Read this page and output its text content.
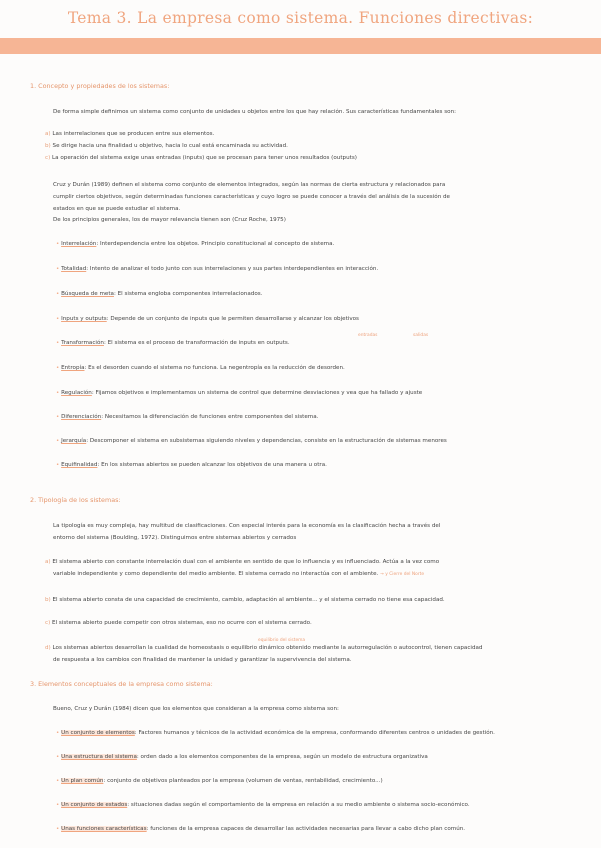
Tema 3. La empresa como sistema. Funciones directivas:
1. Concepto y propiedades de los sistemas:
De forma simple definimos un sistema como conjunto de unidades u objetos entre los que hay relación. Sus características fundamentales son:
a) Las interrelaciones que se producen entre sus elementos.
b) Se dirige hacia una finalidad u objetivo, hacia lo cual está encaminada su actividad.
c) La operación del sistema exige unas entradas (inputs) que se procesan para tener unos resultados (outputs)
Cruz y Durán (1989) definen el sistema como conjunto de elementos integrados, según las normas de cierta estructura y relacionados para
cumplir ciertos objetivos, según determinadas funciones características y cuyo logro se puede conocer a través del análisis de la sucesión de
estados en que se puede estudiar el sistema.
De los principios generales, los de mayor relevancia tienen son (Cruz Roche, 1975)
• Interrelación: Interdependencia entre los objetos. Principio constitucional al concepto de sistema.
• Totalidad: Intento de analizar el todo junto con sus interrelaciones y sus partes interdependientes en interacción.
• Búsqueda de meta: El sistema engloba componentes interrelacionados.
• Inputs y outputs: Depende de un conjunto de inputs que le permiten desarrollarse y alcanzar los objetivos
entradas	salidas
• Transformación: El sistema es el proceso de transformación de inputs en outputs.
• Entropía: Es el desorden cuando el sistema no funciona. La negentropía es la reducción de desorden.
• Regulación: Fijamos objetivos e implementamos un sistema de control que determine desviaciones y vea que ha fallado y ajuste
• Diferenciación: Necesitamos la diferenciación de funciones entre componentes del sistema.
• Jerarquía: Descomponer el sistema en subsistemas siguiendo niveles y dependencias, consiste en la estructuración de sistemas menores
• Equifinalidad: En los sistemas abiertos se pueden alcanzar los objetivos de una manera u otra.
2. Tipología de los sistemas:
La tipología es muy compleja, hay multitud de clasificaciones. Con especial interés para la economía es la clasificación hecha a través del
entorno del sistema (Boulding, 1972). Distinguimos entre sistemas abiertos y cerrados
a) El sistema abierto con constante interrelación dual con el ambiente en sentido de que lo influencia y es influenciado. Actúa a la vez como
variable independiente y como dependiente del medio ambiente. El sistema cerrado no interactúa con el ambiente. → y Cierre del Norte
b) El sistema abierto consta de una capacidad de crecimiento, cambio, adaptación al ambiente... y el sistema cerrado no tiene esa capacidad.
c) El sistema abierto puede competir con otros sistemas, eso no ocurre con el sistema cerrado.
equilibrio del sistema
d) Los sistemas abiertos desarrollan la cualidad de homeostasis o equilibrio dinámico obtenido mediante la autorregulación o autocontrol, tienen capacidad
de respuesta a los cambios con finalidad de mantener la unidad y garantizar la supervivencia del sistema.
3. Elementos conceptuales de la empresa como sistema:
Bueno, Cruz y Durán (1984) dicen que los elementos que consideran a la empresa como sistema son:
• Un conjunto de elementos: Factores humanos y técnicos de la actividad económica de la empresa, conformando diferentes centros o unidades de gestión.
• Una estructura del sistema: orden dado a los elementos componentes de la empresa, según un modelo de estructura organizativa
• Un plan común: conjunto de objetivos planteados por la empresa (volumen de ventas, rentabilidad, crecimiento...)
• Un conjunto de estados: situaciones dadas según el comportamiento de la empresa en relación a su medio ambiente o sistema socio-económico.
• Unas funciones características: funciones de la empresa capaces de desarrollar las actividades necesarias para llevar a cabo dicho plan común.
